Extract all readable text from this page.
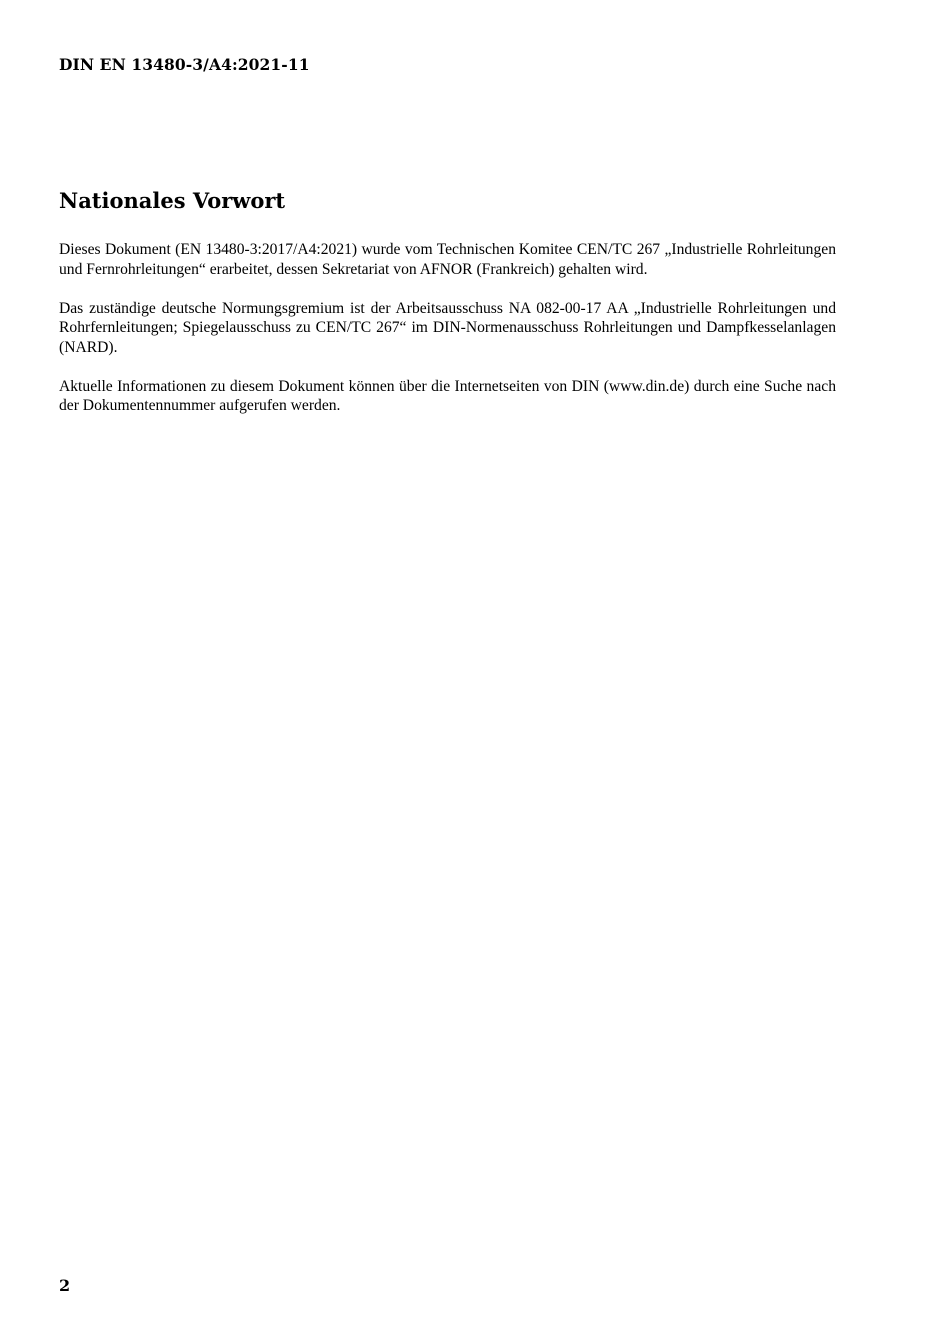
DIN EN 13480-3/A4:2021-11
Nationales Vorwort

Dieses Dokument (EN 13480-3:2017/A4:2021) wurde vom Technischen Komitee CEN/TC 267 „Industrielle Rohrleitungen und Fernrohrleitungen“ erarbeitet, dessen Sekretariat von AFNOR (Frankreich) gehalten wird.

Das zuständige deutsche Normungsgremium ist der Arbeitsausschuss NA 082-00-17 AA „Industrielle Rohrleitungen und Rohrfernleitungen; Spiegelausschuss zu CEN/TC 267“ im DIN-Normenausschuss Rohrleitungen und Dampfkesselanlagen (NARD).

Aktuelle Informationen zu diesem Dokument können über die Internetseiten von DIN (www.din.de) durch eine Suche nach der Dokumentennummer aufgerufen werden.

2
